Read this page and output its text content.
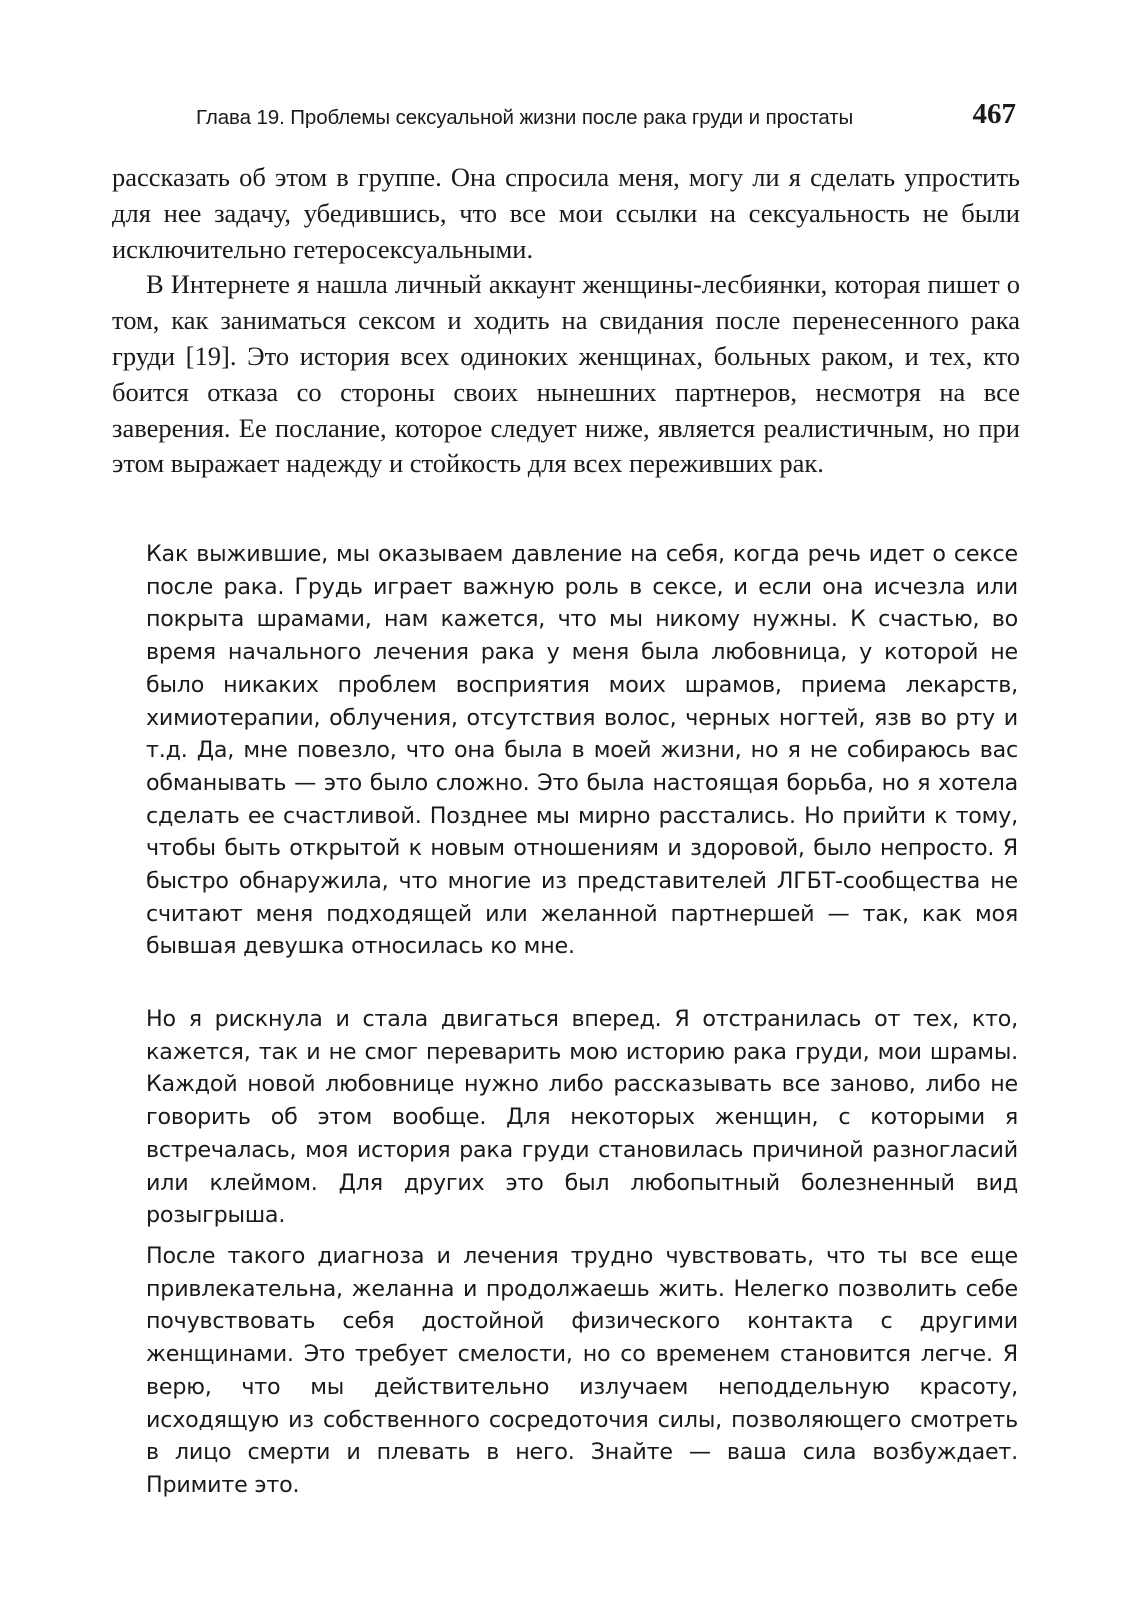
Глава 19. Проблемы сексуальной жизни после рака груди и простаты	467

рассказать об этом в группе. Она спросила меня, могу ли я сделать упростить для нее задачу, убедившись, что все мои ссылки на сексуальность не были исключительно гетеросексуальными.

В Интернете я нашла личный аккаунт женщины-лесбиянки, которая пишет о том, как заниматься сексом и ходить на свидания после перенесенного рака груди [19]. Это история всех одиноких женщинах, больных раком, и тех, кто боится отказа со стороны своих нынешних партнеров, несмотря на все заверения. Ее послание, которое следует ниже, является реалистичным, но при этом выражает надежду и стойкость для всех переживших рак.

Как выжившие, мы оказываем давление на себя, когда речь идет о сексе после рака. Грудь играет важную роль в сексе, и если она исчезла или покрыта шрамами, нам кажется, что мы никому нужны. К счастью, во время начального лечения рака у меня была любовница, у которой не было никаких проблем восприятия моих шрамов, приема лекарств, химиотерапии, облучения, отсутствия волос, черных ногтей, язв во рту и т.д. Да, мне повезло, что она была в моей жизни, но я не собираюсь вас обманывать — это было сложно. Это была настоящая борьба, но я хотела сделать ее счастливой. Позднее мы мирно расстались. Но прийти к тому, чтобы быть открытой к новым отношениям и здоровой, было непросто. Я быстро обнаружила, что многие из представителей ЛГБТ-сообщества не считают меня подходящей или желанной партнершей — так, как моя бывшая девушка относилась ко мне.

Но я рискнула и стала двигаться вперед. Я отстранилась от тех, кто, кажется, так и не смог переварить мою историю рака груди, мои шрамы. Каждой новой любовнице нужно либо рассказывать все заново, либо не говорить об этом вообще. Для некоторых женщин, с которыми я встречалась, моя история рака груди становилась причиной разногласий или клеймом. Для других это был любопытный болезненный вид розыгрыша.

После такого диагноза и лечения трудно чувствовать, что ты все еще привлекательна, желанна и продолжаешь жить. Нелегко позволить себе почувствовать себя достойной физического контакта с другими женщинами. Это требует смелости, но со временем становится легче. Я верю, что мы действительно излучаем неподдельную красоту, исходящую из собственного сосредоточия силы, позволяющего смотреть в лицо смерти и плевать в него. Знайте — ваша сила возбуждает. Примите это.
